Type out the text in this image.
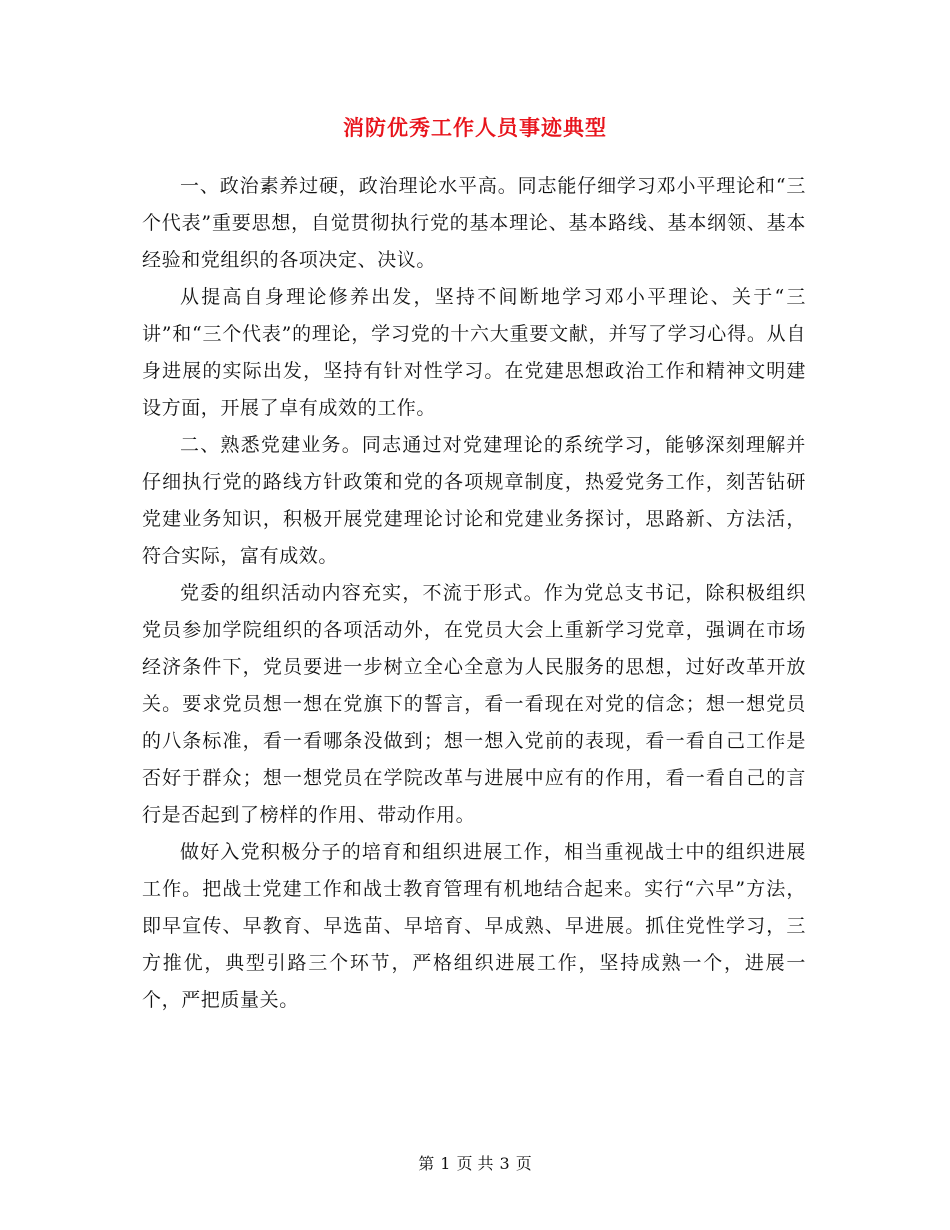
消防优秀工作人员事迹典型

一、政治素养过硬，政治理论水平高。同志能仔细学习邓小平理论和“三个代表”重要思想，自觉贯彻执行党的基本理论、基本路线、基本纲领、基本经验和党组织的各项决定、决议。

从提高自身理论修养出发，坚持不间断地学习邓小平理论、关于“三讲”和“三个代表”的理论，学习党的十六大重要文献，并写了学习心得。从自身进展的实际出发，坚持有针对性学习。在党建思想政治工作和精神文明建设方面，开展了卓有成效的工作。

二、熟悉党建业务。同志通过对党建理论的系统学习，能够深刻理解并仔细执行党的路线方针政策和党的各项规章制度，热爱党务工作，刻苦钻研党建业务知识，积极开展党建理论讨论和党建业务探讨，思路新、方法活，符合实际，富有成效。

党委的组织活动内容充实，不流于形式。作为党总支书记，除积极组织党员参加学院组织的各项活动外，在党员大会上重新学习党章，强调在市场经济条件下，党员要进一步树立全心全意为人民服务的思想，过好改革开放关。要求党员想一想在党旗下的誓言，看一看现在对党的信念；想一想党员的八条标准，看一看哪条没做到；想一想入党前的表现，看一看自己工作是否好于群众；想一想党员在学院改革与进展中应有的作用，看一看自己的言行是否起到了榜样的作用、带动作用。

做好入党积极分子的培育和组织进展工作，相当重视战士中的组织进展工作。把战士党建工作和战士教育管理有机地结合起来。实行“六早”方法，即早宣传、早教育、早选苗、早培育、早成熟、早进展。抓住党性学习，三方推优，典型引路三个环节，严格组织进展工作，坚持成熟一个，进展一个，严把质量关。

第 1 页 共 3 页
